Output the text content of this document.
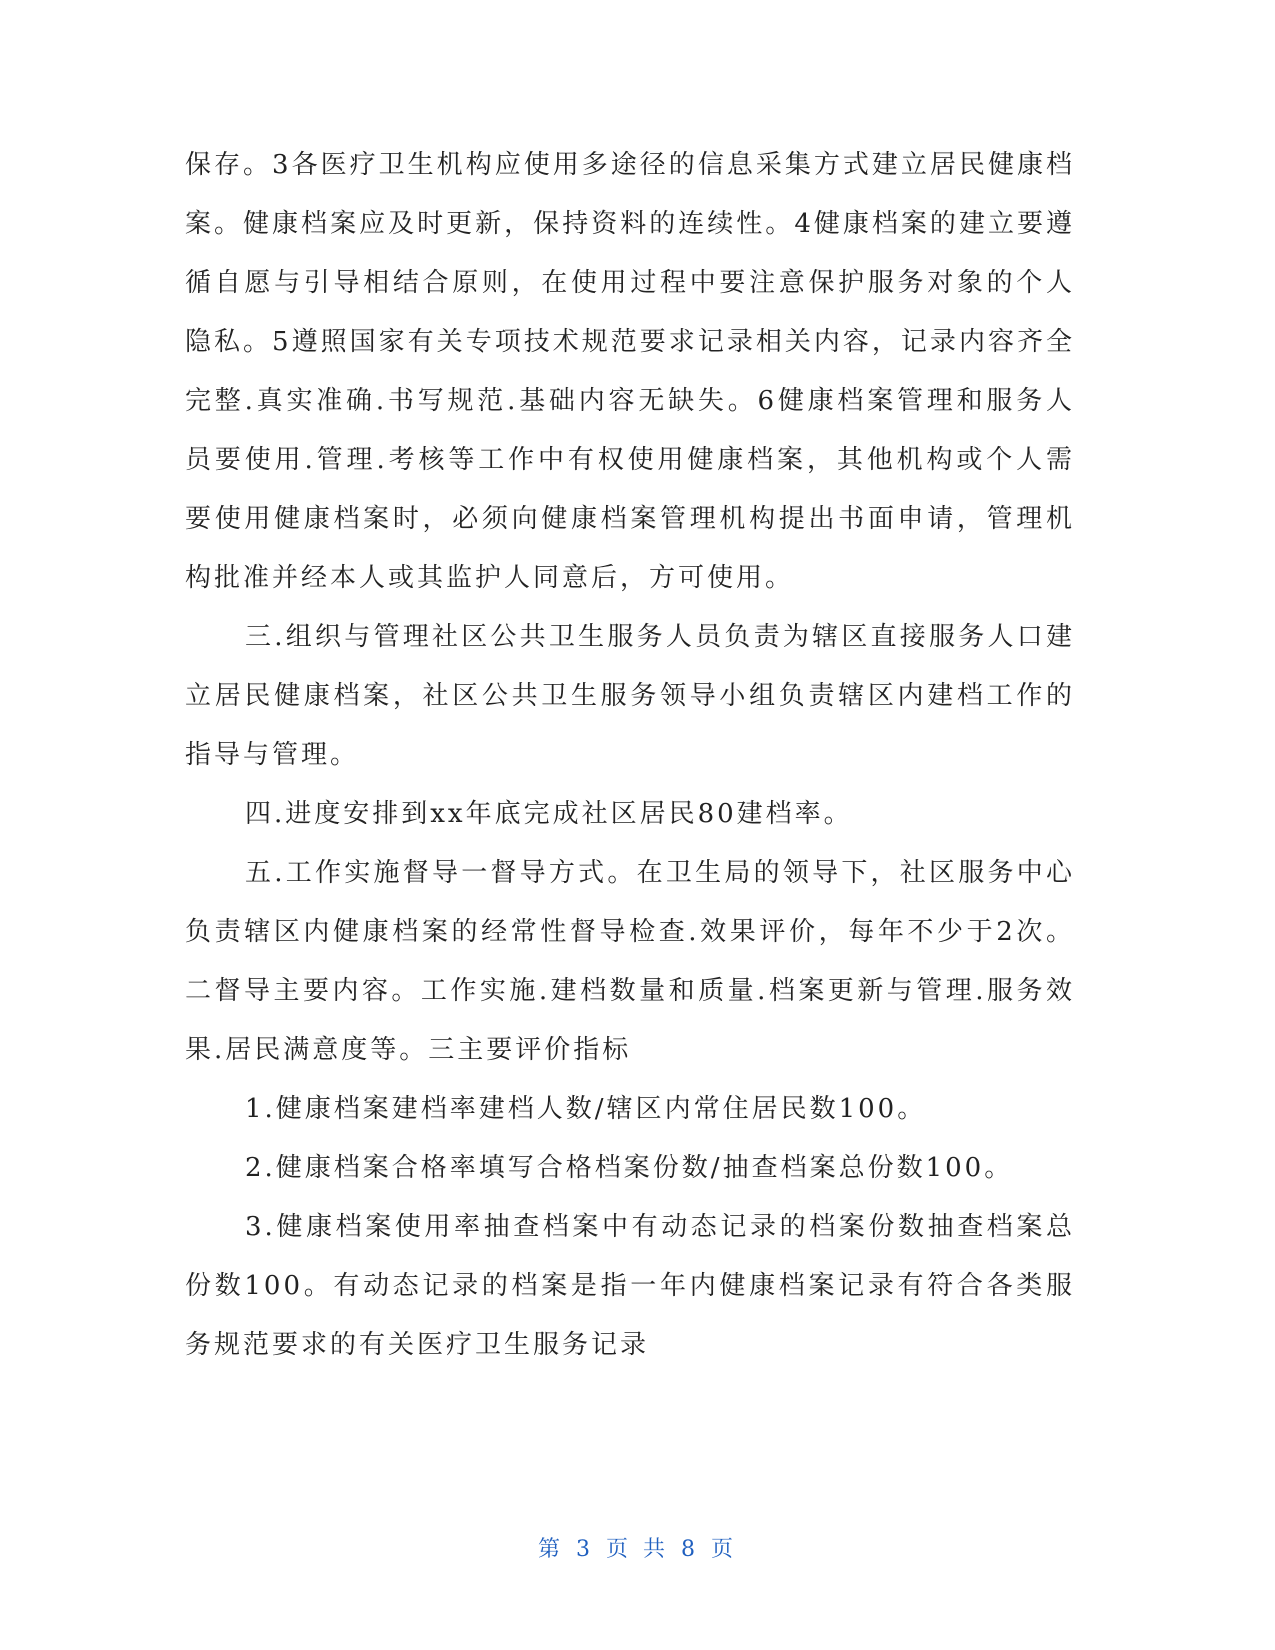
保存。3各医疗卫生机构应使用多途径的信息采集方式建立居民健康档案。健康档案应及时更新，保持资料的连续性。4健康档案的建立要遵循自愿与引导相结合原则，在使用过程中要注意保护服务对象的个人隐私。5遵照国家有关专项技术规范要求记录相关内容，记录内容齐全完整.真实准确.书写规范.基础内容无缺失。6健康档案管理和服务人员要使用.管理.考核等工作中有权使用健康档案，其他机构或个人需要使用健康档案时，必须向健康档案管理机构提出书面申请，管理机构批准并经本人或其监护人同意后，方可使用。

三.组织与管理社区公共卫生服务人员负责为辖区直接服务人口建立居民健康档案，社区公共卫生服务领导小组负责辖区内建档工作的指导与管理。

四.进度安排到xx年底完成社区居民80建档率。

五.工作实施督导一督导方式。在卫生局的领导下，社区服务中心负责辖区内健康档案的经常性督导检查.效果评价，每年不少于2次。二督导主要内容。工作实施.建档数量和质量.档案更新与管理.服务效果.居民满意度等。三主要评价指标

1.健康档案建档率建档人数/辖区内常住居民数100。

2.健康档案合格率填写合格档案份数/抽查档案总份数100。

3.健康档案使用率抽查档案中有动态记录的档案份数抽查档案总份数100。有动态记录的档案是指一年内健康档案记录有符合各类服务规范要求的有关医疗卫生服务记录

第 3 页 共 8 页
